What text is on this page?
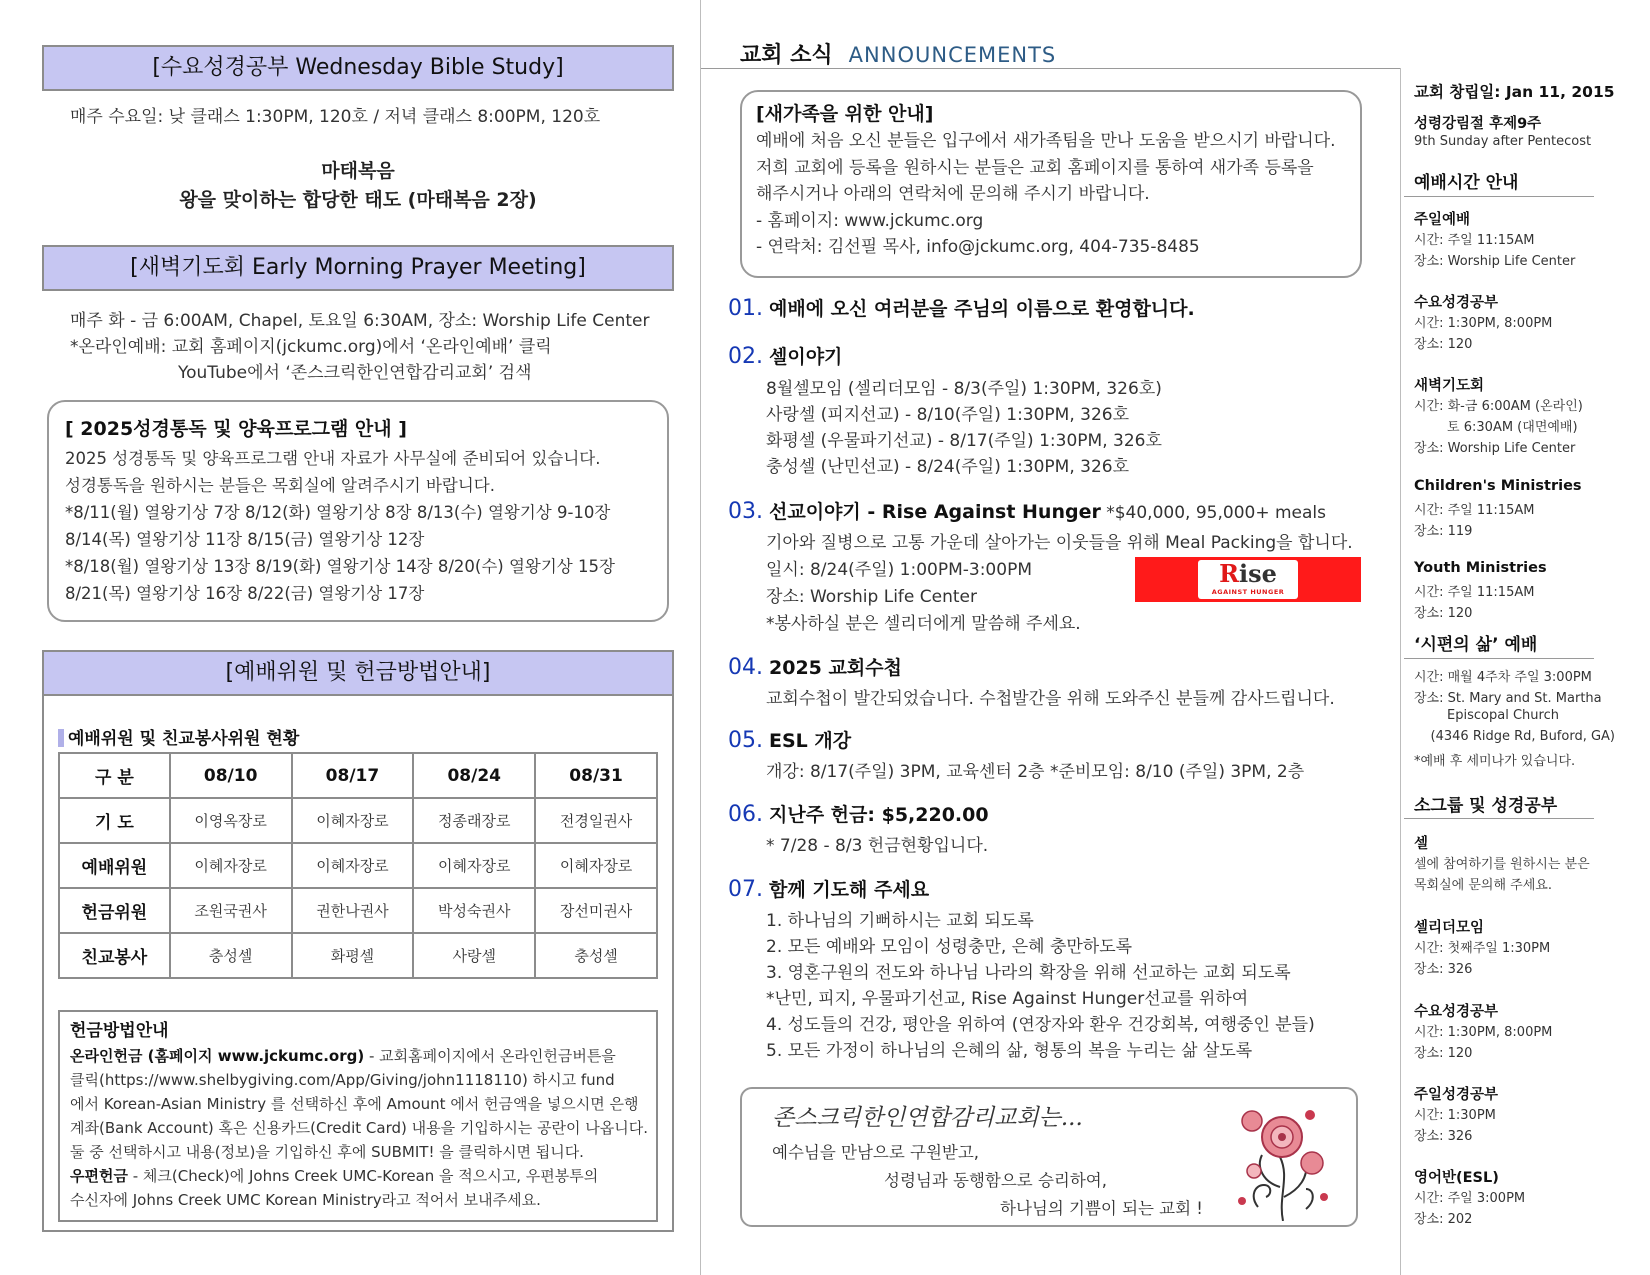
[수요성경공부 Wednesday Bible Study]
매주 수요일: 낮 클래스 1:30PM, 120호 / 저녁 클래스 8:00PM, 120호
마태복음
왕을 맞이하는 합당한 태도 (마태복음 2장)
[새벽기도회 Early Morning Prayer Meeting]
매주 화 - 금 6:00AM, Chapel, 토요일 6:30AM, 장소: Worship Life Center
*온라인예배: 교회 홈페이지(jckumc.org)에서 ‘온라인예배’ 클릭
YouTube에서 ‘존스크릭한인연합감리교회’ 검색
[ 2025성경통독 및 양육프로그램 안내 ]
2025 성경통독 및 양육프로그램 안내 자료가 사무실에 준비되어 있습니다.
성경통독을 원하시는 분들은 목회실에 알려주시기 바랍니다.
*8/11(월) 열왕기상 7장 8/12(화) 열왕기상 8장 8/13(수) 열왕기상 9-10장
8/14(목) 열왕기상 11장 8/15(금) 열왕기상 12장
*8/18(월) 열왕기상 13장 8/19(화) 열왕기상 14장 8/20(수) 열왕기상 15장
8/21(목) 열왕기상 16장 8/22(금) 열왕기상 17장
[예배위원 및 헌금방법안내]
예배위원 및 친교봉사위원 현황
구 분	08/10	08/17	08/24	08/31
기 도	이영옥장로	이혜자장로	정종래장로	전경일권사
예배위원	이혜자장로	이혜자장로	이혜자장로	이혜자장로
헌금위원	조원국권사	권한나권사	박성숙권사	장선미권사
친교봉사	충성셀	화평셀	사랑셀	충성셀
헌금방법안내
온라인헌금 (홈페이지 www.jckumc.org) - 교회홈페이지에서 온라인헌금버튼을
클릭(https://www.shelbygiving.com/App/Giving/john1118110) 하시고 fund
에서 Korean-Asian Ministry 를 선택하신 후에 Amount 에서 헌금액을 넣으시면 은행
계좌(Bank Account) 혹은 신용카드(Credit Card) 내용을 기입하시는 공란이 나옵니다.
둘 중 선택하시고 내용(정보)을 기입하신 후에 SUBMIT! 을 클릭하시면 됩니다.
우편헌금 - 체크(Check)에 Johns Creek UMC-Korean 을 적으시고, 우편봉투의
수신자에 Johns Creek UMC Korean Ministry라고 적어서 보내주세요.
교회 소식 ANNOUNCEMENTS
[새가족을 위한 안내]
예배에 처음 오신 분들은 입구에서 새가족팀을 만나 도움을 받으시기 바랍니다.
저희 교회에 등록을 원하시는 분들은 교회 홈페이지를 통하여 새가족 등록을
해주시거나 아래의 연락처에 문의해 주시기 바랍니다.
- 홈페이지: www.jckumc.org
- 연락처: 김선필 목사, info@jckumc.org, 404-735-8485
01. 예배에 오신 여러분을 주님의 이름으로 환영합니다.
02. 셀이야기
8월셀모임 (셀리더모임 - 8/3(주일) 1:30PM, 326호)
사랑셀 (피지선교) - 8/10(주일) 1:30PM, 326호
화평셀 (우물파기선교) - 8/17(주일) 1:30PM, 326호
충성셀 (난민선교) - 8/24(주일) 1:30PM, 326호
03. 선교이야기 - Rise Against Hunger *$40,000, 95,000+ meals
기아와 질병으로 고통 가운데 살아가는 이웃들을 위해 Meal Packing을 합니다.
일시: 8/24(주일) 1:00PM-3:00PM
장소: Worship Life Center
*봉사하실 분은 셀리더에게 말씀해 주세요.
Rise
AGAINST HUNGER
04. 2025 교회수첩
교회수첩이 발간되었습니다. 수첩발간을 위해 도와주신 분들께 감사드립니다.
05. ESL 개강
개강: 8/17(주일) 3PM, 교육센터 2층 *준비모임: 8/10 (주일) 3PM, 2층
06. 지난주 헌금: $5,220.00
* 7/28 - 8/3 헌금현황입니다.
07. 함께 기도해 주세요
1. 하나님의 기뻐하시는 교회 되도록
2. 모든 예배와 모임이 성령충만, 은혜 충만하도록
3. 영혼구원의 전도와 하나님 나라의 확장을 위해 선교하는 교회 되도록
*난민, 피지, 우물파기선교, Rise Against Hunger선교를 위하여
4. 성도들의 건강, 평안을 위하여 (연장자와 환우 건강회복, 여행중인 분들)
5. 모든 가정이 하나님의 은혜의 삶, 형통의 복을 누리는 삶 살도록
존스크릭한인연합감리교회는...
예수님을 만남으로 구원받고,
성령님과 동행함으로 승리하여,
하나님의 기쁨이 되는 교회 !
교회 창립일: Jan 11, 2015
성령강림절 후제9주
9th Sunday after Pentecost
예배시간 안내
주일예배
시간: 주일 11:15AM
장소: Worship Life Center
수요성경공부
시간: 1:30PM, 8:00PM
장소: 120
새벽기도회
시간: 화-금 6:00AM (온라인)
토 6:30AM (대면예배)
장소: Worship Life Center
Children's Ministries
시간: 주일 11:15AM
장소: 119
Youth Ministries
시간: 주일 11:15AM
장소: 120
‘시편의 삶’ 예배
시간: 매월 4주차 주일 3:00PM
장소: St. Mary and St. Martha
Episcopal Church
(4346 Ridge Rd, Buford, GA)
*예배 후 세미나가 있습니다.
소그룹 및 성경공부
셀
셀에 참여하기를 원하시는 분은
목회실에 문의해 주세요.
셀리더모임
시간: 첫째주일 1:30PM
장소: 326
수요성경공부
시간: 1:30PM, 8:00PM
장소: 120
주일성경공부
시간: 1:30PM
장소: 326
영어반(ESL)
시간: 주일 3:00PM
장소: 202
